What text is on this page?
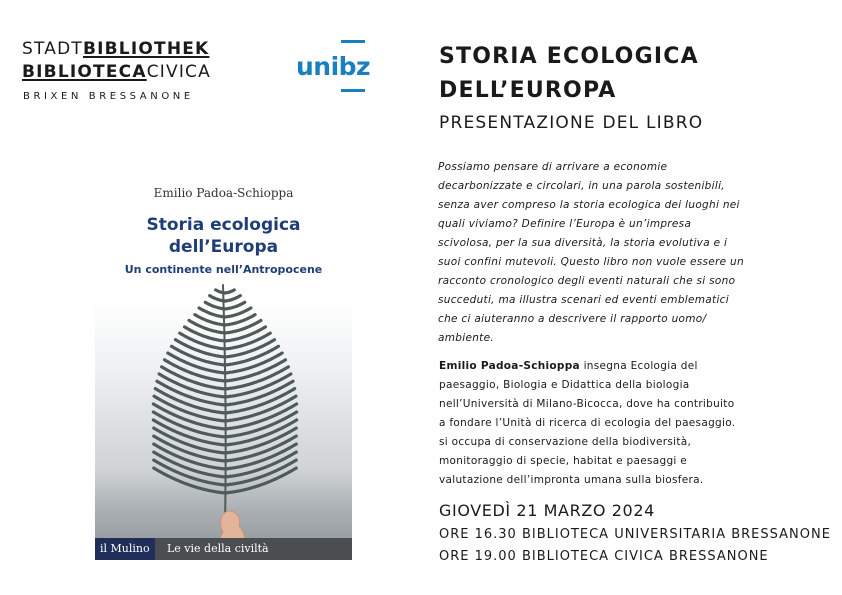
STADTBIBLIOTHEK
BIBLIOTECACIVICA
BRIXEN BRESSANONE
unibz
Emilio Padoa-Schioppa
Storia ecologica
dell’Europa
Un continente nell’Antropocene
il Mulino	Le vie della civiltà
STORIA ECOLOGICA
DELL’EUROPA
PRESENTAZIONE DEL LIBRO
Possiamo pensare di arrivare a economie
decarbonizzate e circolari, in una parola sostenibili,
senza aver compreso la storia ecologica dei luoghi nei
quali viviamo? Definire l’Europa è un’impresa
scivolosa, per la sua diversità, la storia evolutiva e i
suoi confini mutevoli. Questo libro non vuole essere un
racconto cronologico degli eventi naturali che si sono
succeduti, ma illustra scenari ed eventi emblematici
che ci aiuteranno a descrivere il rapporto uomo/
ambiente.
Emilio Padoa-Schioppa insegna Ecologia del
paesaggio, Biologia e Didattica della biologia
nell’Università di Milano-Bicocca, dove ha contribuito
a fondare l’Unità di ricerca di ecologia del paesaggio.
si occupa di conservazione della biodiversità,
monitoraggio di specie, habitat e paesaggi e
valutazione dell’impronta umana sulla biosfera.
GIOVEDÌ 21 MARZO 2024
ORE 16.30 BIBLIOTECA UNIVERSITARIA BRESSANONE
ORE 19.00 BIBLIOTECA CIVICA BRESSANONE
